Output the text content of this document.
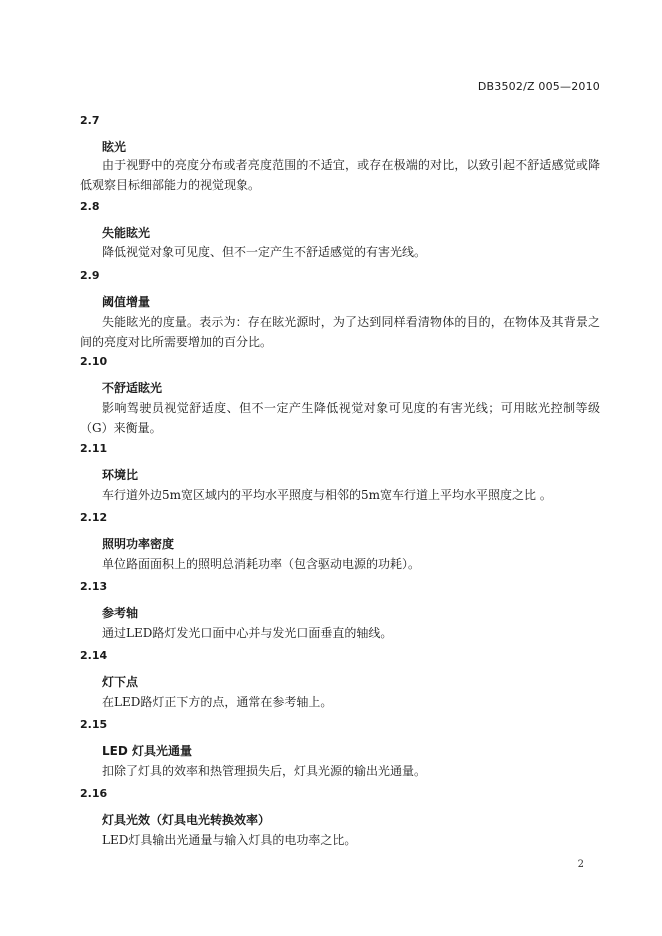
DB3502/Z 005—2010
2.7
眩光

由于视野中的亮度分布或者亮度范围的不适宜，或存在极端的对比，以致引起不舒适感觉或降低观察目标细部能力的视觉现象。

2.8
失能眩光

降低视觉对象可见度、但不一定产生不舒适感觉的有害光线。

2.9
阈值增量

失能眩光的度量。表示为：存在眩光源时，为了达到同样看清物体的目的，在物体及其背景之间的亮度对比所需要增加的百分比。

2.10
不舒适眩光

影响驾驶员视觉舒适度、但不一定产生降低视觉对象可见度的有害光线；可用眩光控制等级（G）来衡量。

2.11
环境比

车行道外边5m宽区域内的平均水平照度与相邻的5m宽车行道上平均水平照度之比 。

2.12
照明功率密度

单位路面面积上的照明总消耗功率（包含驱动电源的功耗）。

2.13
参考轴

通过LED路灯发光口面中心并与发光口面垂直的轴线。

2.14
灯下点

在LED路灯正下方的点，通常在参考轴上。

2.15
LED 灯具光通量

扣除了灯具的效率和热管理损失后，灯具光源的输出光通量。

2.16
灯具光效（灯具电光转换效率）

LED灯具输出光通量与输入灯具的电功率之比。

2
